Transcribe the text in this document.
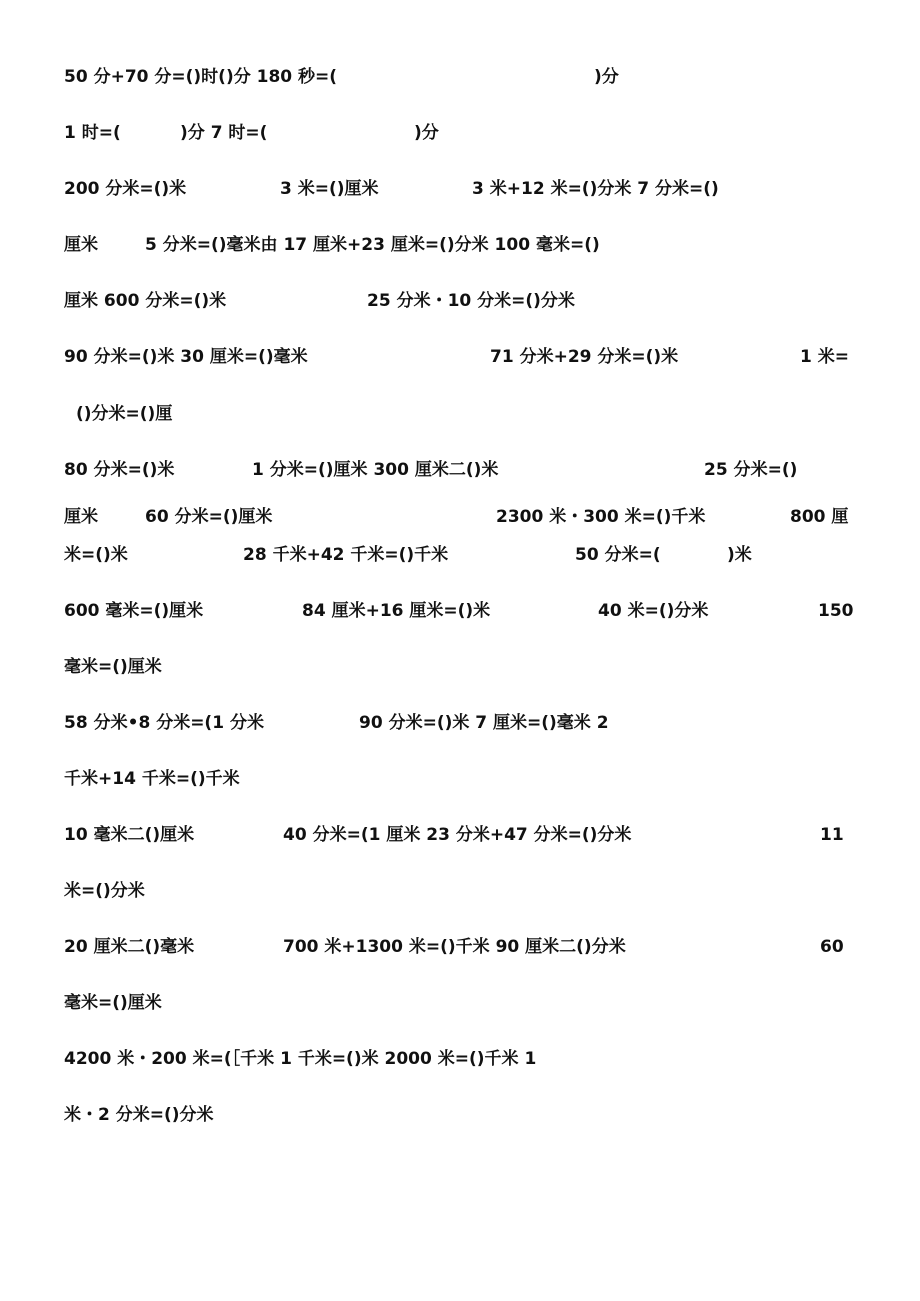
50 分+70 分=()时()分 180 秒=(	)分
1 时=(	)分 7 时=(	)分
200 分米=()米	3 米=()厘米	3 米+12 米=()分米 7 分米=()
厘米	5 分米=()毫米由 17 厘米+23 厘米=()分米 100 毫米=()
厘米 600 分米=()米	25 分米・10 分米=()分米
90 分米=()米 30 厘米=()毫米	71 分米+29 分米=()米	1 米=
()分米=()厘
80 分米=()米	1 分米=()厘米 300 厘米二()米	25 分米=()
厘米	60 分米=()厘米	2300 米・300 米=()千米	800 厘
米=()米	28 千米+42 千米=()千米	50 分米=(	)米
600 毫米=()厘米	84 厘米+16 厘米=()米	40 米=()分米	150
毫米=()厘米
58 分米•8 分米=(1 分米	90 分米=()米 7 厘米=()毫米 2
千米+14 千米=()千米
10 毫米二()厘米	40 分米=(1 厘米 23 分米+47 分米=()分米	11
米=()分米
20 厘米二()毫米	700 米+1300 米=()千米 90 厘米二()分米	60
毫米=()厘米
4200 米・200 米=(［千米 1 千米=()米 2000 米=()千米 1
米・2 分米=()分米
